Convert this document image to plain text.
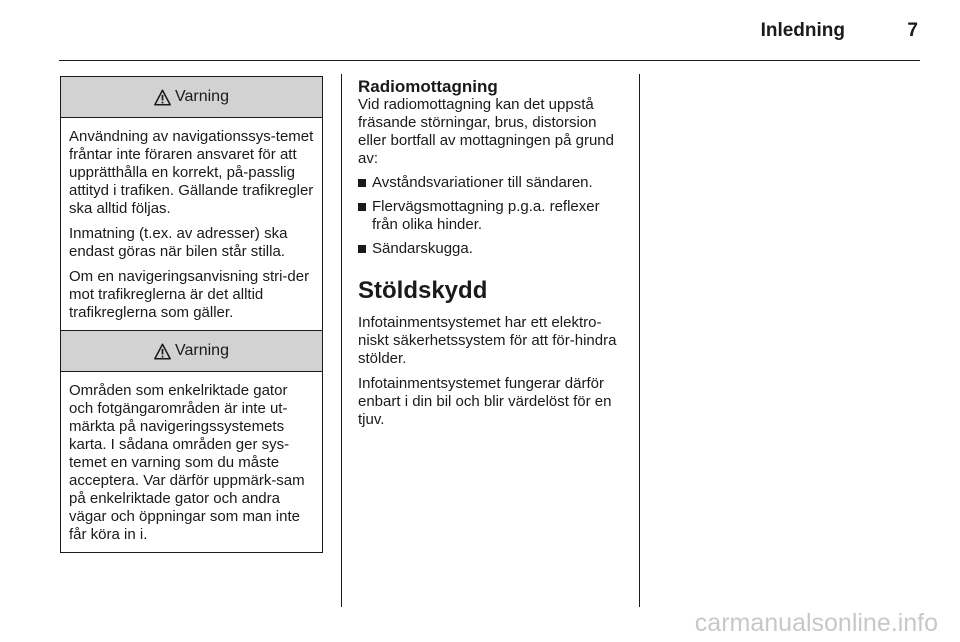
Inledning	7
Varning

Användning av navigationssys-temet fråntar inte föraren ansvaret för att upprätthålla en korrekt, på-passlig attityd i trafiken. Gällande trafikregler ska alltid följas.

Inmatning (t.ex. av adresser) ska endast göras när bilen står stilla.

Om en navigeringsanvisning stri-der mot trafikreglerna är det alltid trafikreglerna som gäller.

Varning

Områden som enkelriktade gator och fotgängarområden är inte ut-märkta på navigeringssystemets karta. I sådana områden ger sys-temet en varning som du måste acceptera. Var därför uppmärk-sam på enkelriktade gator och andra vägar och öppningar som man inte får köra in i.

Radiomottagning

Vid radiomottagning kan det uppstå fräsande störningar, brus, distorsion eller bortfall av mottagningen på grund av:

Avståndsvariationer till sändaren.
Flervägsmottagning p.g.a. reflexer från olika hinder.
Sändarskugga.
Stöldskydd

Infotainmentsystemet har ett elektro-niskt säkerhetssystem för att för-hindra stölder.

Infotainmentsystemet fungerar därför enbart i din bil och blir värdelöst för en tjuv.

carmanualsonline.info
